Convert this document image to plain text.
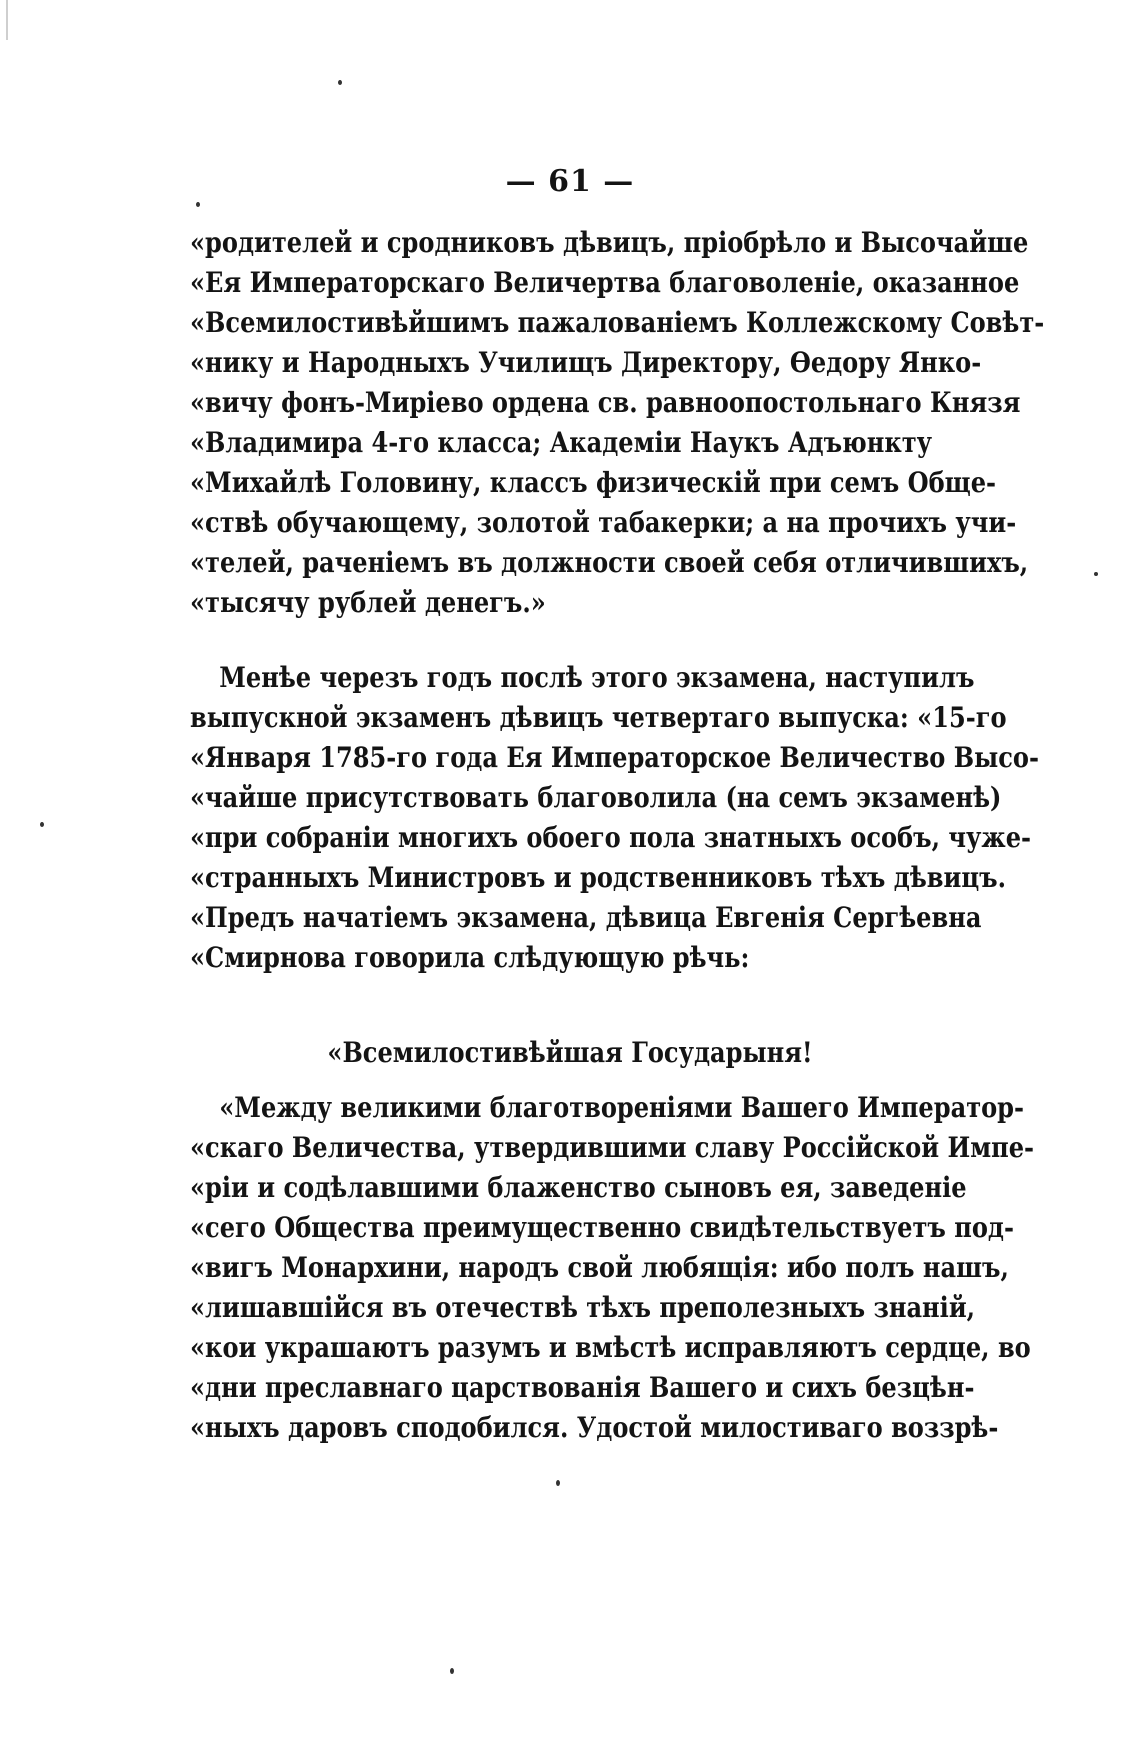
— 61 —
«родителей и сродниковъ дѣвицъ, пріобрѣло и Высочайше
«Ея Императорскаго Величертва благоволеніе, оказанное
«Всемилостивѣйшимъ пажалованіемъ Коллежскому Совѣт-
«нику и Народныхъ Училищъ Директору, Ѳедору Янко-
«вичу фонъ-Миріево ордена св. равноопостольнаго Князя
«Владимира 4-го класса; Академіи Наукъ Адъюнкту
«Михайлѣ Головину, классъ физическій при семъ Обще-
«ствѣ обучающему, золотой табакерки; а на прочихъ учи-
«телей, раченіемъ въ должности своей себя отличившихъ,
«тысячу рублей денегъ.»
Менѣе черезъ годъ послѣ этого экзамена, наступилъ
выпускной экзаменъ дѣвицъ четвертаго выпуска: «15-го
«Января 1785-го года Ея Императорское Величество Высо-
«чайше присутствовать благоволила (на семъ экзаменѣ)
«при собраніи многихъ обоего пола знатныхъ особъ, чуже-
«странныхъ Министровъ и родственниковъ тѣхъ дѣвицъ.
«Предъ начатіемъ экзамена, дѣвица Евгенія Сергѣевна
«Смирнова говорила слѣдующую рѣчь:
«Всемилостивѣйшая Государыня!
«Между великими благотвореніями Вашего Император-
«скаго Величества, утвердившими славу Россійской Импе-
«ріи и содѣлавшими блаженство сыновъ ея, заведеніе
«сего Общества преимущественно свидѣтельствуетъ под-
«вигъ Монархини, народъ свой любящія: ибо полъ нашъ,
«лишавшійся въ отечествѣ тѣхъ преполезныхъ знаній,
«кои украшаютъ разумъ и вмѣстѣ исправляютъ сердце, во
«дни преславнаго царствованія Вашего и сихъ безцѣн-
«ныхъ даровъ сподобился. Удостой милостиваго воззрѣ-
